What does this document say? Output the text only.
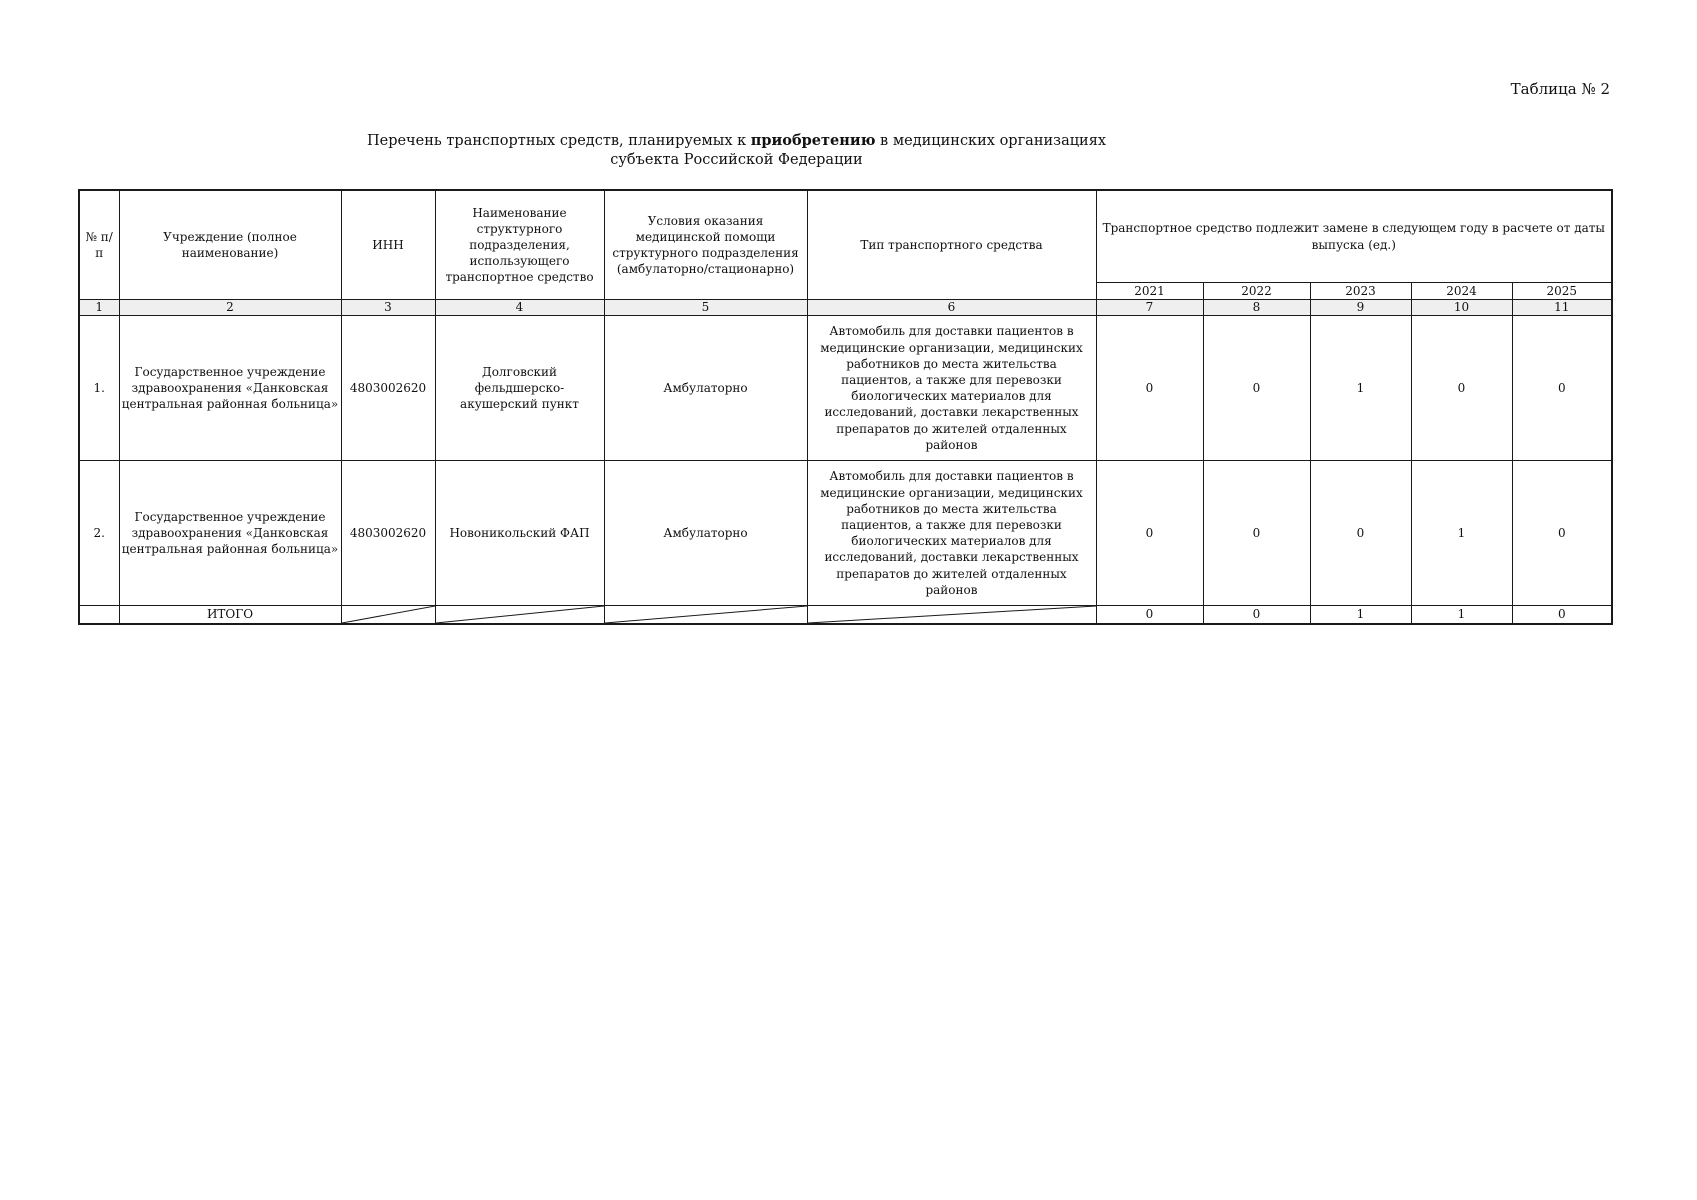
Таблица № 2
Перечень транспортных средств, планируемых к приобретению в медицинских организациях
субъекта Российской Федерации
№ п/п	Учреждение (полное наименование)	ИНН	Наименование структурного подразделения, использующего транспортное средство	Условия оказания медицинской помощи структурного подразделения (амбулаторно/стационарно)	Тип транспортного средства	Транспортное средство подлежит замене в следующем году в расчете от даты выпуска (ед.)				
						2021	2022	2023	2024	2025
1	2	3	4	5	6	7	8	9	10	11
1.	Государственное учреждение здравоохранения «Данковская центральная районная больница»	4803002620	Долговский фельдшерско-акушерский пункт	Амбулаторно	Автомобиль для доставки пациентов в медицинские организации, медицинских работников до места жительства пациентов, а также для перевозки биологических материалов для исследований, доставки лекарственных препаратов до жителей отдаленных районов	0	0	1	0	0
2.	Государственное учреждение здравоохранения «Данковская центральная районная больница»	4803002620	Новоникольский ФАП	Амбулаторно	Автомобиль для доставки пациентов в медицинские организации, медицинских работников до места жительства пациентов, а также для перевозки биологических материалов для исследований, доставки лекарственных препаратов до жителей отдаленных районов	0	0	0	1	0
	ИТОГО					0	0	1	1	0
